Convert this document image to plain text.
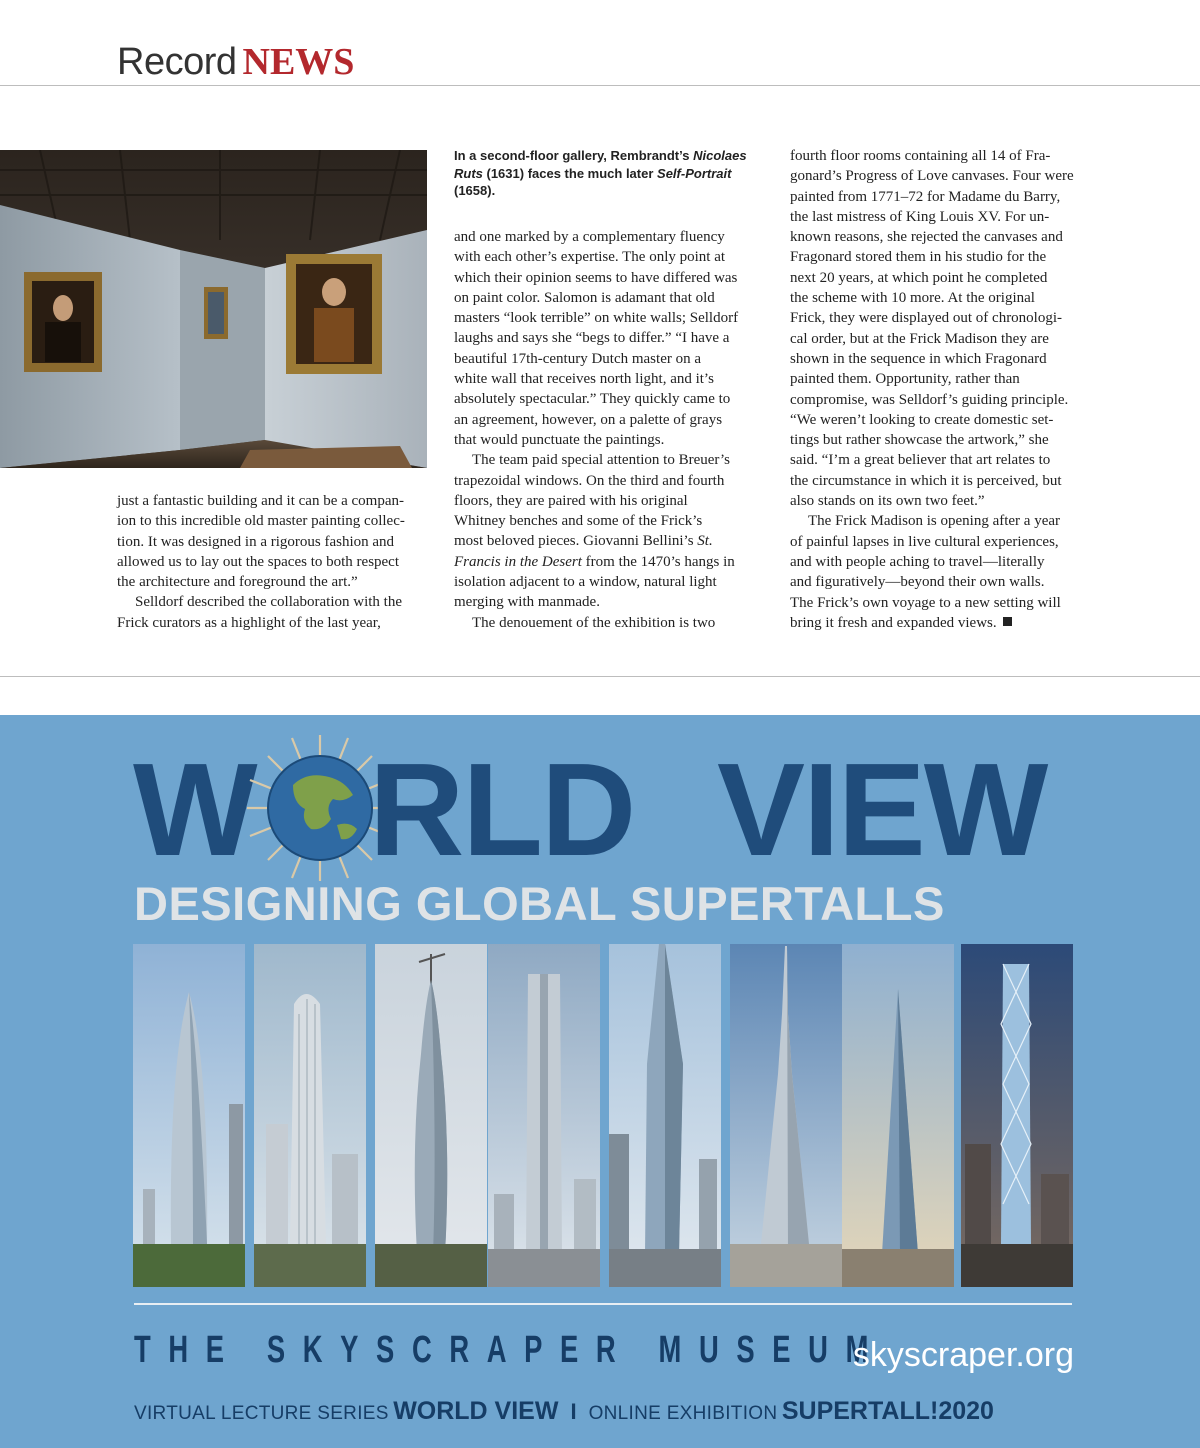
Record NEWS
In a second-floor gallery, Rembrandt’s Nicolaes Ruts (1631) faces the much later Self-Portrait (1658).
just a fantastic building and it can be a compan-
ion to this incredible old master painting collec-
tion. It was designed in a rigorous fashion and
allowed us to lay out the spaces to both respect
the architecture and foreground the art.”
Selldorf described the collaboration with the
Frick curators as a highlight of the last year,
and one marked by a complementary fluency
with each other’s expertise. The only point at
which their opinion seems to have differed was
on paint color. Salomon is adamant that old
masters “look terrible” on white walls; Selldorf
laughs and says she “begs to differ.” “I have a
beautiful 17th-century Dutch master on a
white wall that receives north light, and it’s
absolutely spectacular.” They quickly came to
an agreement, however, on a palette of grays
that would punctuate the paintings.
The team paid special attention to Breuer’s
trapezoidal windows. On the third and fourth
floors, they are paired with his original
Whitney benches and some of the Frick’s
most beloved pieces. Giovanni Bellini’s St.
Francis in the Desert from the 1470’s hangs in
isolation adjacent to a window, natural light
merging with manmade.
The denouement of the exhibition is two
fourth floor rooms containing all 14 of Fra-
gonard’s Progress of Love canvases. Four were
painted from 1771–72 for Madame du Barry,
the last mistress of King Louis XV. For un-
known reasons, she rejected the canvases and
Fragonard stored them in his studio for the
next 20 years, at which point he completed
the scheme with 10 more. At the original
Frick, they were displayed out of chronologi-
cal order, but at the Frick Madison they are
shown in the sequence in which Fragonard
painted them. Opportunity, rather than
compromise, was Selldorf’s guiding principle.
“We weren’t looking to create domestic set-
tings but rather showcase the artwork,” she
said. “I’m a great believer that art relates to
the circumstance in which it is perceived, but
also stands on its own two feet.”
The Frick Madison is opening after a year
of painful lapses in live cultural experiences,
and with people aching to travel—literally
and figuratively—beyond their own walls.
The Frick’s own voyage to a new setting will
bring it fresh and expanded views.
W RLD VIEW
DESIGNING GLOBAL SUPERTALLS
THE SKYSCRAPER MUSEUM
skyscraper.org
VIRTUAL LECTURE SERIES WORLD VIEW I ONLINE EXHIBITION SUPERTALL!2020
